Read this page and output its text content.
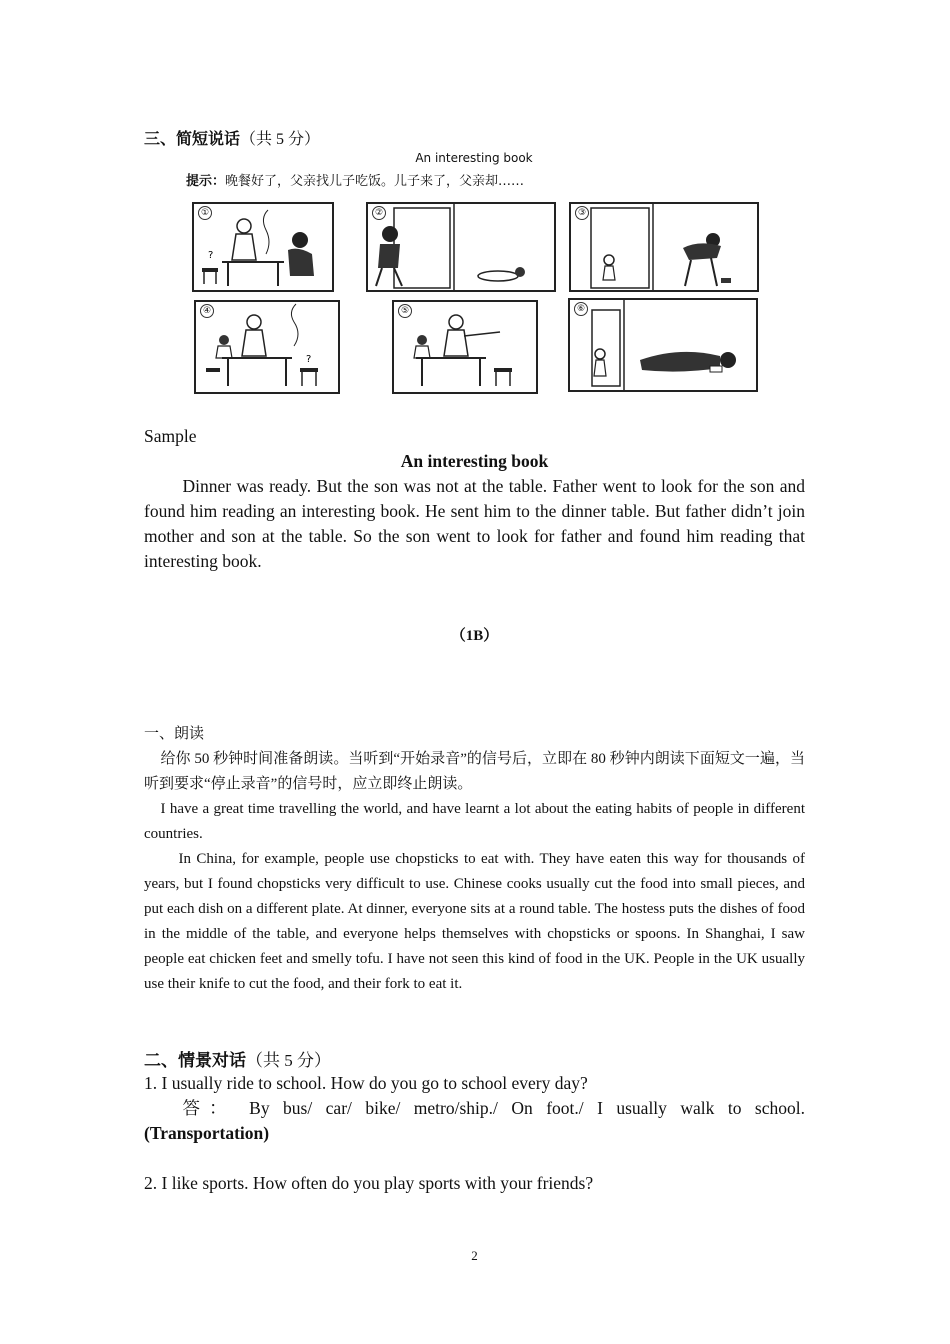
三、简短说话（共 5 分）
An interesting book
提示：晚餐好了，父亲找儿子吃饭。儿子来了，父亲却……
①
?
②	③
④
?
⑤	⑥
Sample
An interesting book
Dinner was ready. But the son was not at the table. Father went to look for the son and found him reading an interesting book. He sent him to the dinner table. But father didn’t join mother and son at the table. So the son went to look for father and found him reading that interesting book.
（1B）
一、朗读
给你 50 秒钟时间准备朗读。当听到“开始录音”的信号后，立即在 80 秒钟内朗读下面短文一遍，当听到要求“停止录音”的信号时，应立即终止朗读。
I have a great time travelling the world, and have learnt a lot about the eating habits of people in different countries.
In China, for example, people use chopsticks to eat with. They have eaten this way for thousands of years, but I found chopsticks very difficult to use. Chinese cooks usually cut the food into small pieces, and put each dish on a different plate. At dinner, everyone sits at a round table. The hostess puts the dishes of food in the middle of the table, and everyone helps themselves with chopsticks or spoons. In Shanghai, I saw people eat chicken feet and smelly tofu. I have not seen this kind of food in the UK. People in the UK usually use their knife to cut the food, and their fork to eat it.
二、情景对话（共 5 分）
1. I usually ride to school. How do you go to school every day?
答： By bus/ car/ bike/ metro/ship./ On foot./ I usually walk to school.
(Transportation)
2. I like sports. How often do you play sports with your friends?
2
